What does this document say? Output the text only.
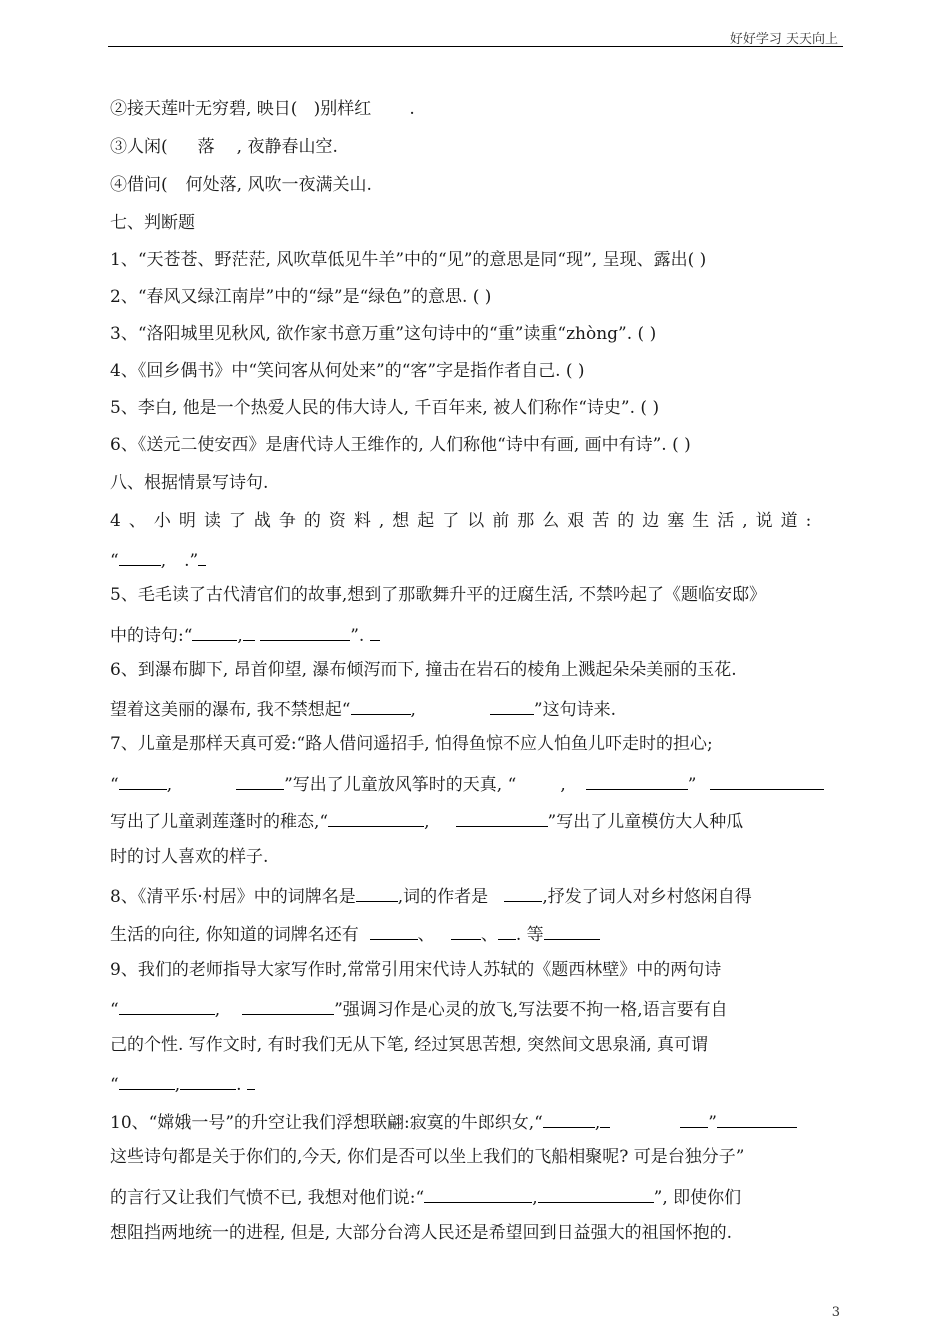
好好学习 天天向上
②接天莲叶无穷碧, 映日( )别样红 .
③人闲( 落 , 夜静春山空.
④借问( 何处落, 风吹一夜满关山.
七、判断题
1、“天苍苍、野茫茫, 风吹草低见牛羊”中的“见”的意思是同“现”, 呈现、露出( )
2、“春风又绿江南岸”中的“绿”是“绿色”的意思. ( )
3、“洛阳城里见秋风, 欲作家书意万重”这句诗中的“重”读重“zhòng”. ( )
4、《回乡偶书》中“笑问客从何处来”的“客”字是指作者自己. ( )
5、李白, 他是一个热爱人民的伟大诗人, 千百年来, 被人们称作“诗史”. ( )
6、《送元二使安西》是唐代诗人王维作的, 人们称他“诗中有画, 画中有诗”. ( )
八、根据情景写诗句.
4、小明读了战争的资料,想起了以前那么艰苦的边塞生活,说道:
“ , .”
5、毛毛读了古代清官们的故事,想到了那歌舞升平的迂腐生活, 不禁吟起了《题临安邸》
中的诗句:“	,	”.
6、到瀑布脚下, 昂首仰望, 瀑布倾泻而下, 撞击在岩石的棱角上溅起朵朵美丽的玉花.
望着这美丽的瀑布, 我不禁想起“	,	”这句诗来.
7、儿童是那样天真可爱:“路人借问遥招手, 怕得鱼惊不应人怕鱼儿吓走时的担心;
“	,	”写出了儿童放风筝时的天真, “	,	”
写出了儿童剥莲蓬时的稚态,“	,	”写出了儿童模仿大人种瓜
时的讨人喜欢的样子.
8、《清平乐·村居》中的词牌名是 ,词的作者是	,抒发了词人对乡村悠闲自得
生活的向往, 你知道的词牌名还有	、	、 . 等
9、我们的老师指导大家写作时,常常引用宋代诗人苏轼的《题西林壁》中的两句诗
“	,	”强调习作是心灵的放飞,写法要不拘一格,语言要有自
己的个性. 写作文时, 有时我们无从下笔, 经过冥思苦想, 突然间文思泉涌, 真可谓
“	,	.
10、“嫦娥一号”的升空让我们浮想联翩:寂寞的牛郎织女,“	,	”
这些诗句都是关于你们的,今天, 你们是否可以坐上我们的飞船相聚呢? 可是台独分子”
的言行又让我们气愤不已, 我想对他们说:“	,	”, 即使你们
想阻挡两地统一的进程, 但是, 大部分台湾人民还是希望回到日益强大的祖国怀抱的.
3
